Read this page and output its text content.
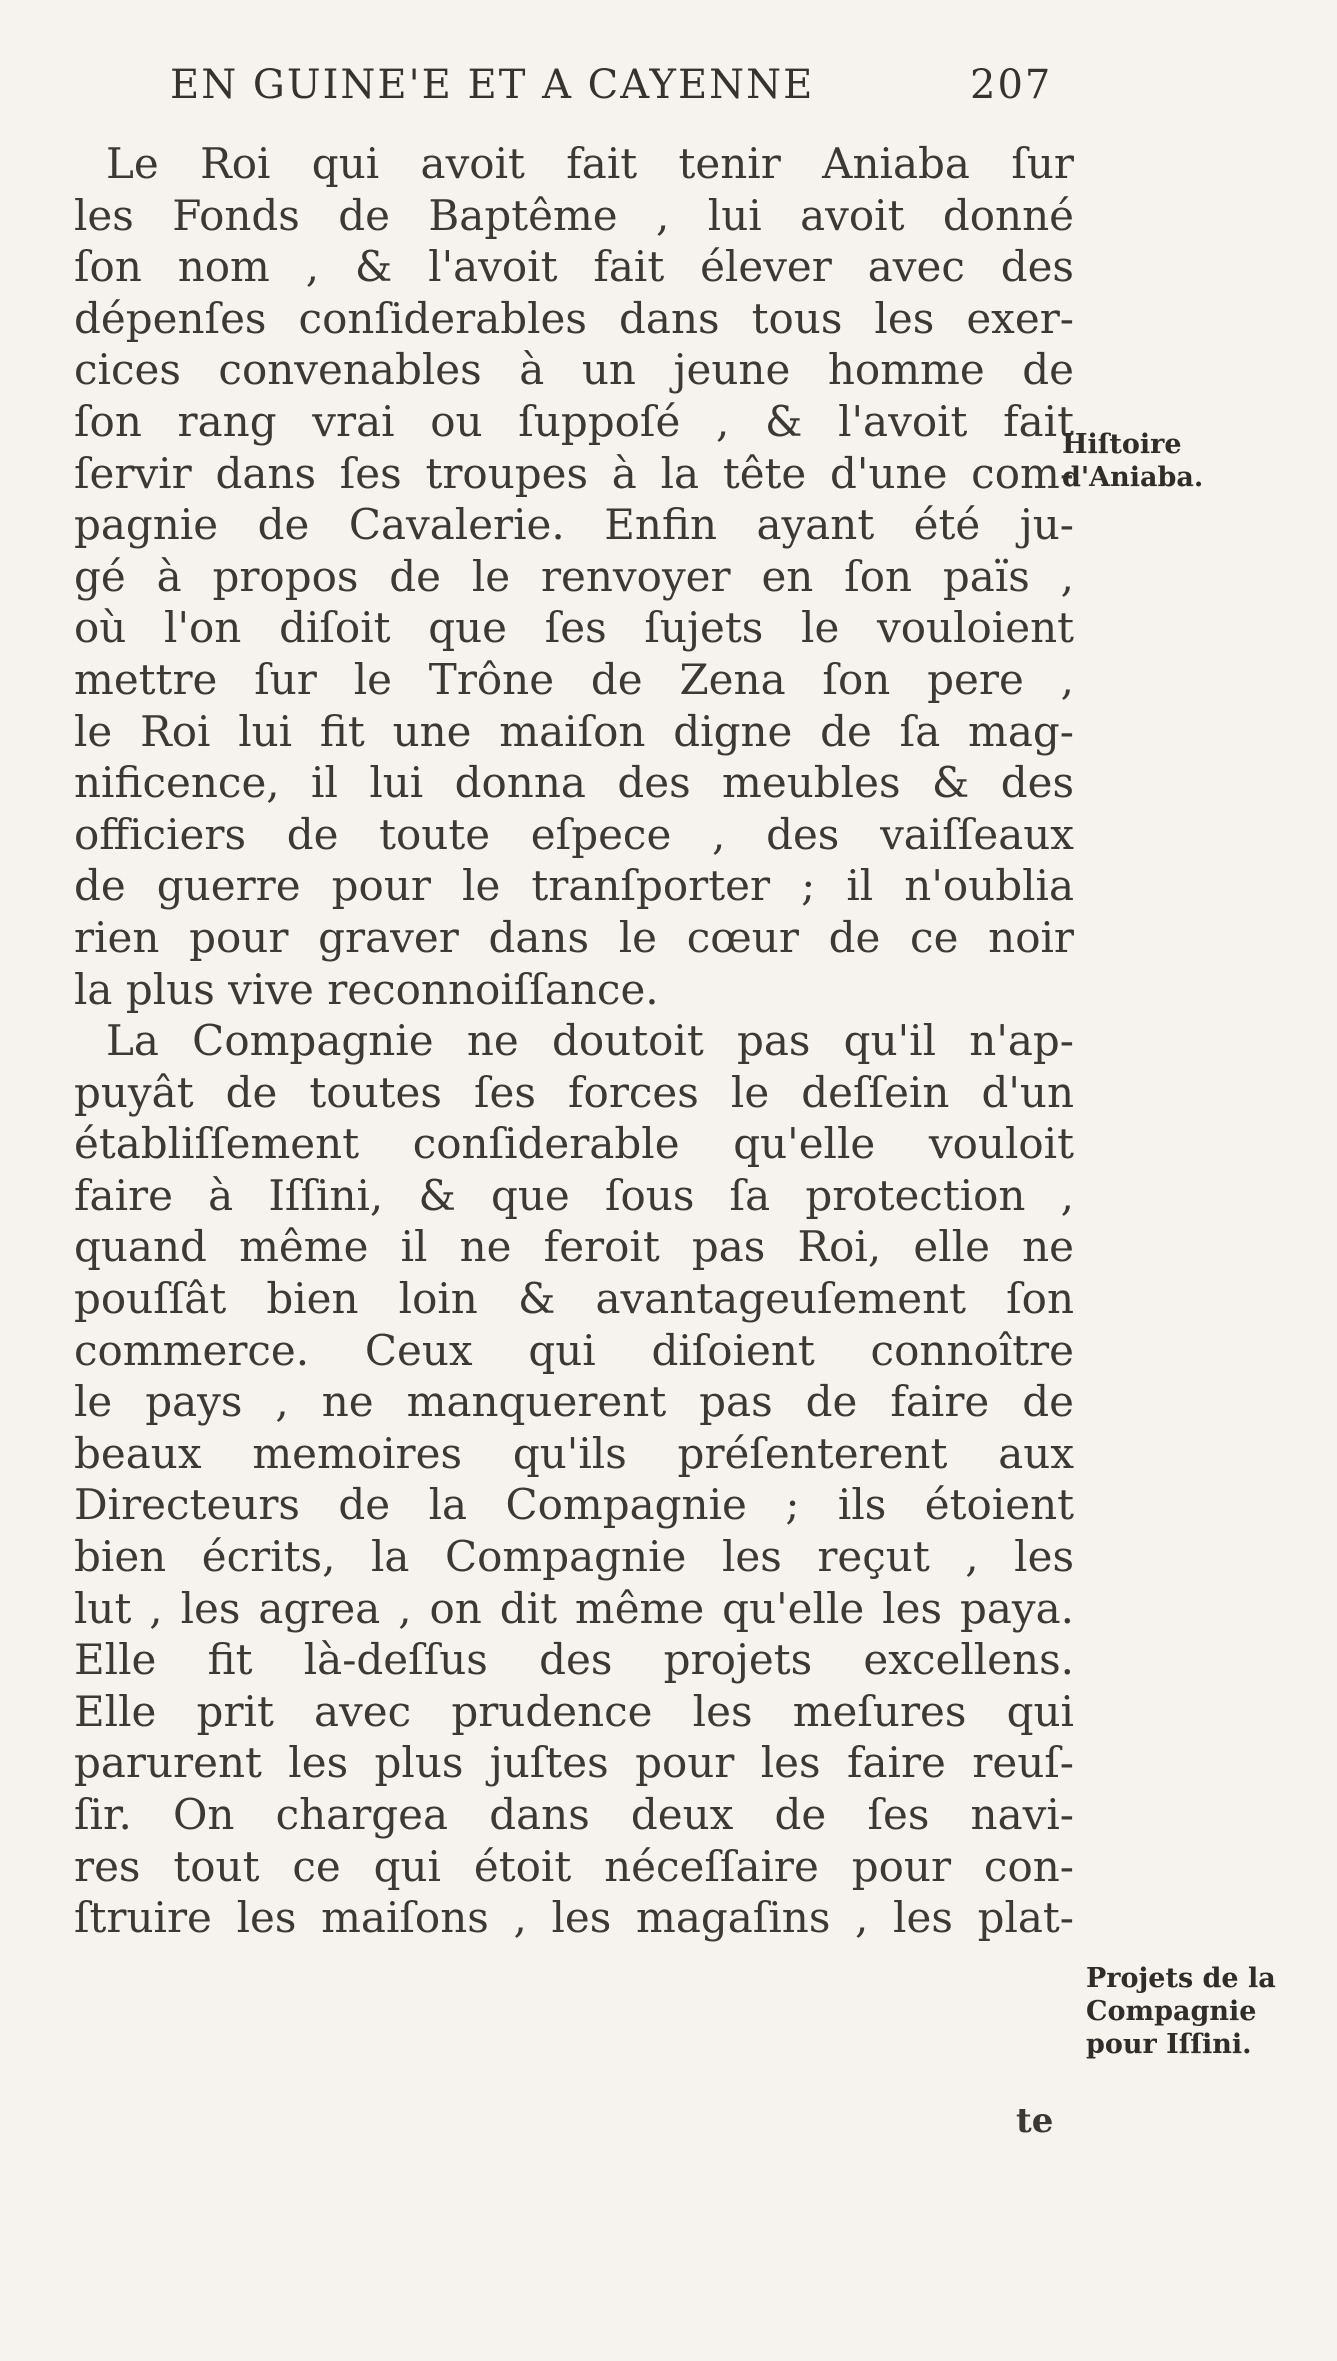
EN GUINE'E ET A CAYENNE	207
Le Roi qui avoit fait tenir Aniaba ſur
les Fonds de Baptême , lui avoit donné
ſon nom , & l'avoit fait élever avec des
dépenſes conſiderables dans tous les exer-
cices convenables à un jeune homme de
ſon rang vrai ou ſuppoſé , & l'avoit fait
ſervir dans ſes troupes à la tête d'une com-
pagnie de Cavalerie. Enfin ayant été ju-
gé à propos de le renvoyer en ſon païs ,
où l'on diſoit que ſes ſujets le vouloient
mettre ſur le Trône de Zena ſon pere ,
le Roi lui fit une maiſon digne de ſa mag-
nificence, il lui donna des meubles & des
officiers de toute eſpece , des vaiſſeaux
de guerre pour le tranſporter ; il n'oublia
rien pour graver dans le cœur de ce noir
la plus vive reconnoiſſance.
La Compagnie ne doutoit pas qu'il n'ap-
puyât de toutes ſes forces le deſſein d'un
établiſſement conſiderable qu'elle vouloit
faire à Iſſini, & que ſous ſa protection ,
quand même il ne feroit pas Roi, elle ne
pouſſât bien loin & avantageuſement ſon
commerce. Ceux qui diſoient connoître
le pays , ne manquerent pas de faire de
beaux memoires qu'ils préſenterent aux
Directeurs de la Compagnie ; ils étoient
bien écrits, la Compagnie les reçut , les
lut , les agrea , on dit même qu'elle les paya.
Elle fit là-deſſus des projets excellens.
Elle prit avec prudence les meſures qui
parurent les plus juſtes pour les faire reuſ-
ſir. On chargea dans deux de ſes navi-
res tout ce qui étoit néceſſaire pour con-
ſtruire les maiſons , les magaſins , les plat-
Hiſtoire
d'Aniaba.
Projets de la
Compagnie
pour Iſſini.
te
